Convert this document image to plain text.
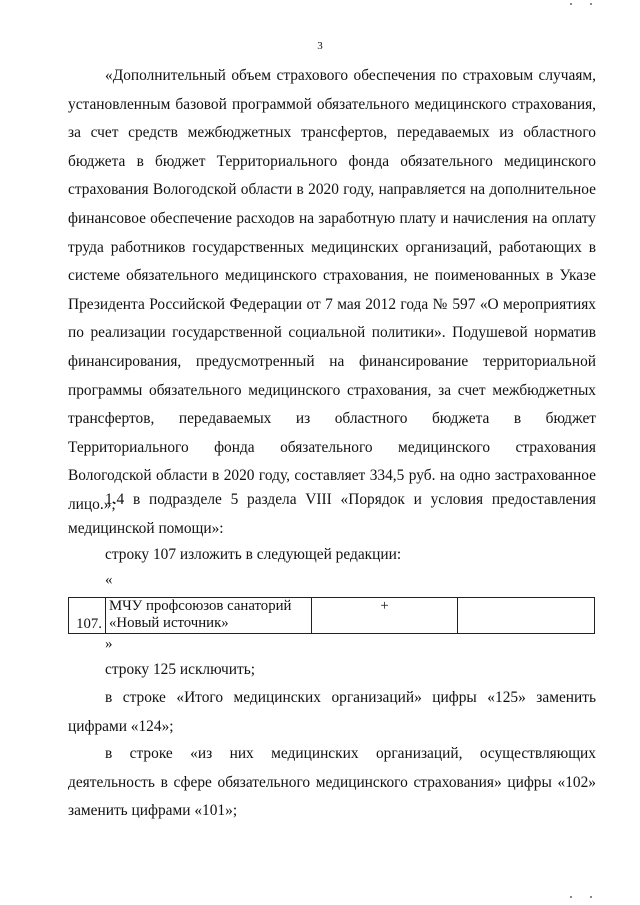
3

«Дополнительный объем страхового обеспечения по страховым случаям, установленным базовой программой обязательного медицинского страхования, за счет средств межбюджетных трансфертов, передаваемых из областного бюджета в бюджет Территориального фонда обязательного медицинского страхования Вологодской области в 2020 году, направляется на дополнительное финансовое обеспечение расходов на заработную плату и начисления на оплату труда работников государственных медицинских организаций, работающих в системе обязательного медицинского страхования, не поименованных в Указе Президента Российской Федерации от 7 мая 2012 года № 597 «О мероприятиях по реализации государственной социальной политики». Подушевой норматив финансирования, предусмотренный на финансирование территориальной программы обязательного медицинского страхования, за счет межбюджетных трансфертов, передаваемых из областного бюджета в бюджет Территориального фонда обязательного медицинского страхования Вологодской области в 2020 году, составляет 334,5 руб. на одно застрахованное лицо.»;

1.4 в подразделе 5 раздела VIII «Порядок и условия предоставления медицинской помощи»:

строку 107 изложить в следующей редакции:

«
107.	МЧУ профсоюзов санаторий «Новый источник»	+	
»

строку 125 исключить;

в строке «Итого медицинских организаций» цифры «125» заменить цифрами «124»;

в строке «из них медицинских организаций, осуществляющих деятельность в сфере обязательного медицинского страхования» цифры «102» заменить цифрами «101»;
